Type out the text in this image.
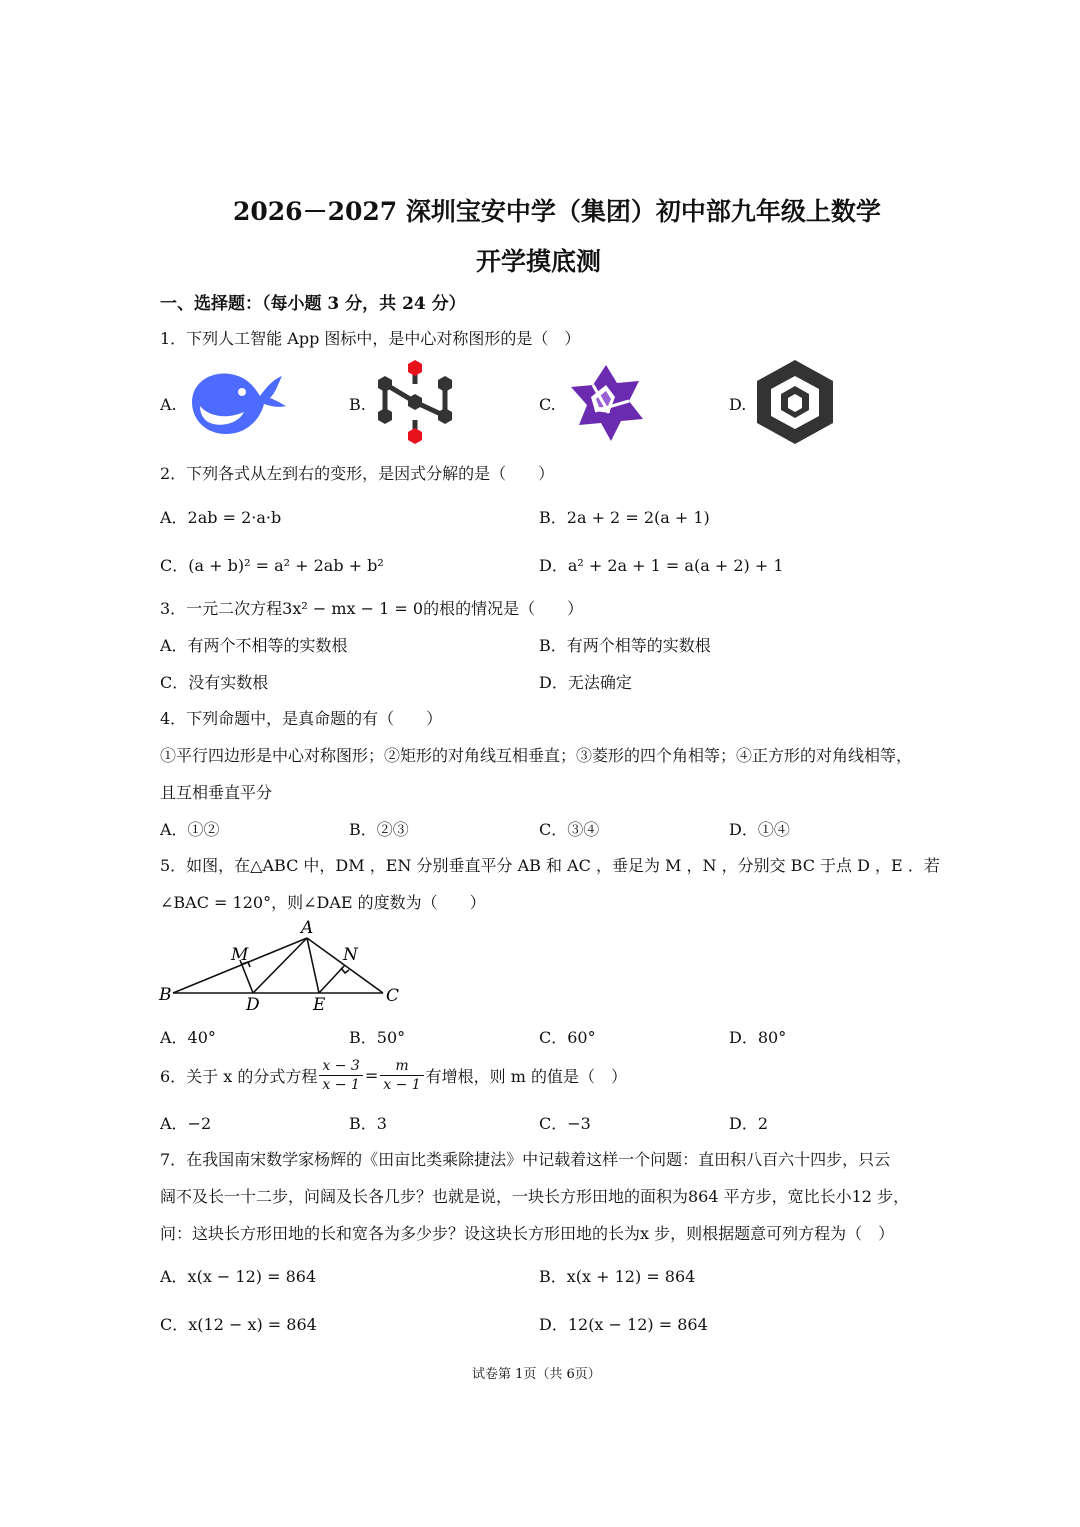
2026－2027 深圳宝安中学（集团）初中部九年级上数学
开学摸底测
一、选择题：（每小题 3 分，共 24 分）
1．下列人工智能 App 图标中，是中心对称图形的是（　）
A.	B.	C.	D.
2．下列各式从左到右的变形，是因式分解的是（　　）
A．2ab = 2·a·b	B．2a + 2 = 2(a + 1)
C．(a + b)² = a² + 2ab + b²	D．a² + 2a + 1 = a(a + 2) + 1
3．一元二次方程3x² − mx − 1 = 0的根的情况是（　　）
A．有两个不相等的实数根	B．有两个相等的实数根
C．没有实数根	D．无法确定
4．下列命题中，是真命题的有（　　）
①平行四边形是中心对称图形；②矩形的对角线互相垂直；③菱形的四个角相等；④正方形的对角线相等，
且互相垂直平分
A．①②	B．②③	C．③④	D．①④
5．如图，在△ABC 中，DM ，EN 分别垂直平分 AB 和 AC ，垂足为 M ，N ，分别交 BC 于点 D ，E ．若
∠BAC = 120°，则∠DAE 的度数为（　　）
A
M	N
B	D	E	C
A．40°	B．50°	C．60°	D．80°
6．关于 x 的分式方程 $\frac{x - 3}{x - 1} = \frac{m}{x - 1}$ 有增根，则 m 的值是（　）
A．−2	B．3	C．−3	D．2
7．在我国南宋数学家杨辉的《田亩比类乘除捷法》中记载着这样一个问题：直田积八百六十四步，只云
阔不及长一十二步，问阔及长各几步？也就是说，一块长方形田地的面积为864 平方步，宽比长小12 步，
问：这块长方形田地的长和宽各为多少步？设这块长方形田地的长为x 步，则根据题意可列方程为（　）
A．x(x − 12) = 864	B．x(x + 12) = 864
C．x(12 − x) = 864	D．12(x − 12) = 864
试卷第 1页（共 6页）
